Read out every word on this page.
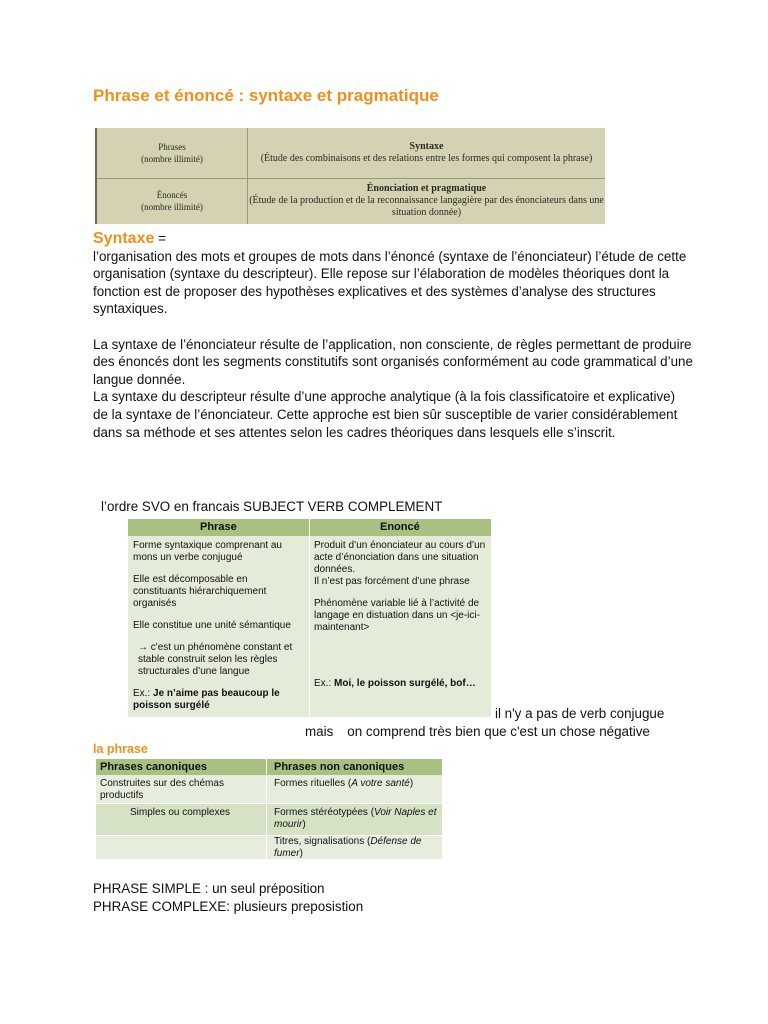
Phrase et énoncé : syntaxe et pragmatique
Phrases
(nombre illimité)
Syntaxe
(Étude des combinaisons et des relations entre les formes qui composent la phrase)
Énoncés
(nombre illimité)
Énonciation et pragmatique
(Étude de la production et de la reconnaissance langagière par des énonciateurs dans une situation donnée)

Syntaxe =

l’organisation des mots et groupes de mots dans l’énoncé (syntaxe de l’énonciateur) l’étude de cette organisation (syntaxe du descripteur). Elle repose sur l’élaboration de modèles théoriques dont la fonction est de proposer des hypothèses explicatives et des systèmes d’analyse des structures syntaxiques.

La syntaxe de l’énonciateur résulte de l’application, non consciente, de règles permettant de produire des énoncés dont les segments constitutifs sont organisés conformément au code grammatical d’une langue donnée.

La syntaxe du descripteur résulte d’une approche analytique (à la fois classificatoire et explicative) de la syntaxe de l’énonciateur. Cette approche est bien sûr susceptible de varier considérablement dans sa méthode et ses attentes selon les cadres théoriques dans lesquels elle s’inscrit.

l’ordre SVO en francais SUBJECT VERB COMPLEMENT
Phrase	Enoncé

Forme syntaxique comprenant au mons un verbe conjugué

Elle est décomposable en constituants hiérarchiquement organisés

Elle constitue une unité sémantique

→ c'est un phénomène constant et stable construit selon les règles structurales d’une langue

Ex.: Je n’aime pas beaucoup le poisson surgélé

Produit d’un énonciateur au cours d’un acte d’énonciation dans une situation données.

Il n’est pas forcément d’une phrase

Phénomène variable lié à l’activité de langage en distuation dans un <je-ici-maintenant>

Ex.: Moi, le poisson surgélé, bof…

il n'y a pas de verb conjugue
mais on comprend très bien que c'est un chose négative
la phrase
Phrases canoniques	Phrases non canoniques
Construites sur des chémas productifs
Simples ou complexes
Formes rituelles (A votre santé)
Formes stéréotypées (Voir Naples et mourir)
Titres, signalisations (Défense de fumer)

PHRASE SIMPLE : un seul préposition

PHRASE COMPLEXE: plusieurs preposistion
